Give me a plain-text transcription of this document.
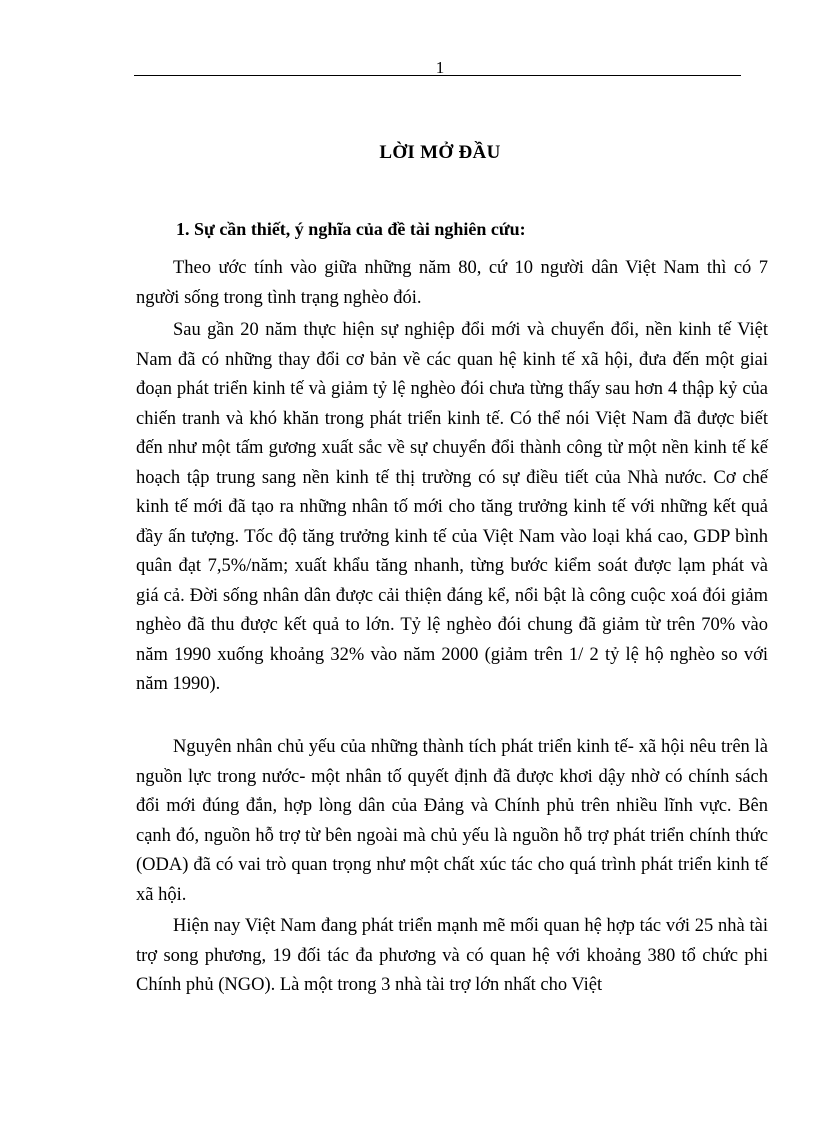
1
LỜI MỞ ĐẦU
1. Sự cần thiết, ý nghĩa của đề tài nghiên cứu:

Theo ước tính vào giữa những năm 80, cứ 10 người dân Việt Nam thì có 7 người sống trong tình trạng nghèo đói.

Sau gần 20 năm thực hiện sự nghiệp đổi mới và chuyển đổi, nền kinh tế Việt Nam đã có những thay đổi cơ bản về các quan hệ kinh tế xã hội, đưa đến một giai đoạn phát triển kinh tế và giảm tỷ lệ nghèo đói chưa từng thấy sau hơn 4 thập kỷ của chiến tranh và khó khăn trong phát triển kinh tế. Có thể nói Việt Nam đã được biết đến như một tấm gương xuất sắc về sự chuyển đổi thành công từ một nền kinh tế kế hoạch tập trung sang nền kinh tế thị trường có sự điều tiết của Nhà nước. Cơ chế kinh tế mới đã tạo ra những nhân tố mới cho tăng trưởng kinh tế với những kết quả đầy ấn tượng. Tốc độ tăng trưởng kinh tế của Việt Nam vào loại khá cao, GDP bình quân đạt 7,5%/năm; xuất khẩu tăng nhanh, từng bước kiểm soát được lạm phát và giá cả. Đời sống nhân dân được cải thiện đáng kể, nổi bật là công cuộc xoá đói giảm nghèo đã thu được kết quả to lớn. Tỷ lệ nghèo đói chung đã giảm từ trên 70% vào năm 1990 xuống khoảng 32% vào năm 2000 (giảm trên 1/ 2 tỷ lệ hộ nghèo so với năm 1990).

Nguyên nhân chủ yếu của những thành tích phát triển kinh tế- xã hội nêu trên là nguồn lực trong nước- một nhân tố quyết định đã được khơi dậy nhờ có chính sách đổi mới đúng đắn, hợp lòng dân của Đảng và Chính phủ trên nhiều lĩnh vực. Bên cạnh đó, nguồn hỗ trợ từ bên ngoài mà chủ yếu là nguồn hỗ trợ phát triển chính thức (ODA) đã có vai trò quan trọng như một chất xúc tác cho quá trình phát triển kinh tế xã hội.

Hiện nay Việt Nam đang phát triển mạnh mẽ mối quan hệ hợp tác với 25 nhà tài trợ song phương, 19 đối tác đa phương và có quan hệ với khoảng 380 tổ chức phi Chính phủ (NGO). Là một trong 3 nhà tài trợ lớn nhất cho Việt
